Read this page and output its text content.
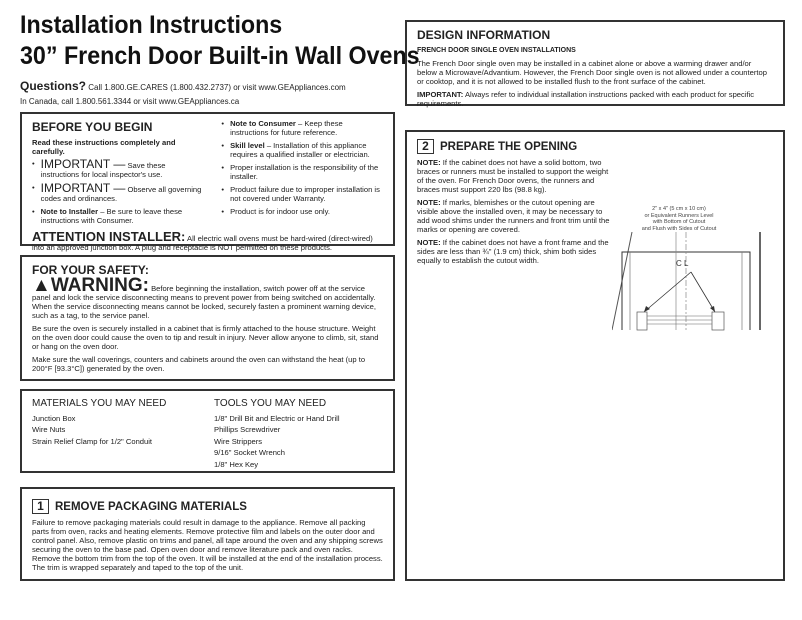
Installation Instructions
30” French Door Built-in Wall Ovens
Questions? Call 1.800.GE.CARES (1.800.432.2737) or visit www.GEAppliances.com
In Canada, call 1.800.561.3344 or visit www.GEAppliances.ca
BEFORE YOU BEGIN
Read these instructions completely and carefully.
• IMPORTANT — Save these instructions for local inspector's use.
• IMPORTANT — Observe all governing codes and ordinances.
• Note to Installer – Be sure to leave these instructions with Consumer.
• Note to Consumer – Keep these instructions for future reference.
• Skill level – Installation of this appliance requires a qualified installer or electrician.
• Proper installation is the responsibility of the installer.
• Product failure due to improper installation is not covered under Warranty.
• Product is for indoor use only.
ATTENTION INSTALLER: All electric wall ovens must be hard-wired (direct-wired) into an approved junction box. A plug and receptacle is NOT permitted on these products.
FOR YOUR SAFETY:
▲WARNING: Before beginning the installation, switch power off at the service panel and lock the service disconnecting means to prevent power from being switched on accidentally. When the service disconnecting means cannot be locked, securely fasten a prominent warning device, such as a tag, to the service panel.
Be sure the oven is securely installed in a cabinet that is firmly attached to the house structure. Weight on the oven door could cause the oven to tip and result in injury. Never allow anyone to climb, sit, stand or hang on the oven door.
Make sure the wall coverings, counters and cabinets around the oven can withstand the heat (up to 200°F [93.3°C]) generated by the oven.
MATERIALS YOU MAY NEED
Junction Box
Wire Nuts
Strain Relief Clamp for 1/2" Conduit
TOOLS YOU MAY NEED
1/8" Drill Bit and Electric or Hand Drill
Phillips Screwdriver
Wire Strippers
9/16" Socket Wrench
1/8" Hex Key
1 REMOVE PACKAGING MATERIALS
Failure to remove packaging materials could result in damage to the appliance. Remove all packing parts from oven, racks and heating elements. Remove protective film and labels on the outer door and control panel. Also, remove plastic on trims and panel, all tape around the oven and any shipping screws securing the oven to the base pad. Open oven door and remove literature pack and oven racks. Remove the bottom trim from the top of the oven. It will be installed at the end of the installation process. The trim is wrapped separately and taped to the top of the unit.
DESIGN INFORMATION
FRENCH DOOR SINGLE OVEN INSTALLATIONS
The French Door single oven may be installed in a cabinet alone or above a warming drawer and/or below a Microwave/Advantium. However, the French Door single oven is not allowed under a countertop or cooktop, and it is not allowed to be installed flush to the front surface of the cabinet.
IMPORTANT: Always refer to individual installation instructions packed with each product for specific requirements.
2 PREPARE THE OPENING
NOTE: If the cabinet does not have a solid bottom, two braces or runners must be installed to support the weight of the oven. For French Door ovens, the runners and braces must support 220 lbs (98.8 kg).
NOTE: If marks, blemishes or the cutout opening are visible above the installed oven, it may be necessary to add wood shims under the runners and front trim until the marks or opening are covered.
NOTE: If the cabinet does not have a front frame and the sides are less than ¾" (1.9 cm) thick, shim both sides equally to establish the cutout width.
2" x 4" (5 cm x 10 cm)
or Equivalent Runners Level
with Bottom of Cutout
and Flush with Sides of Cutout
C L
